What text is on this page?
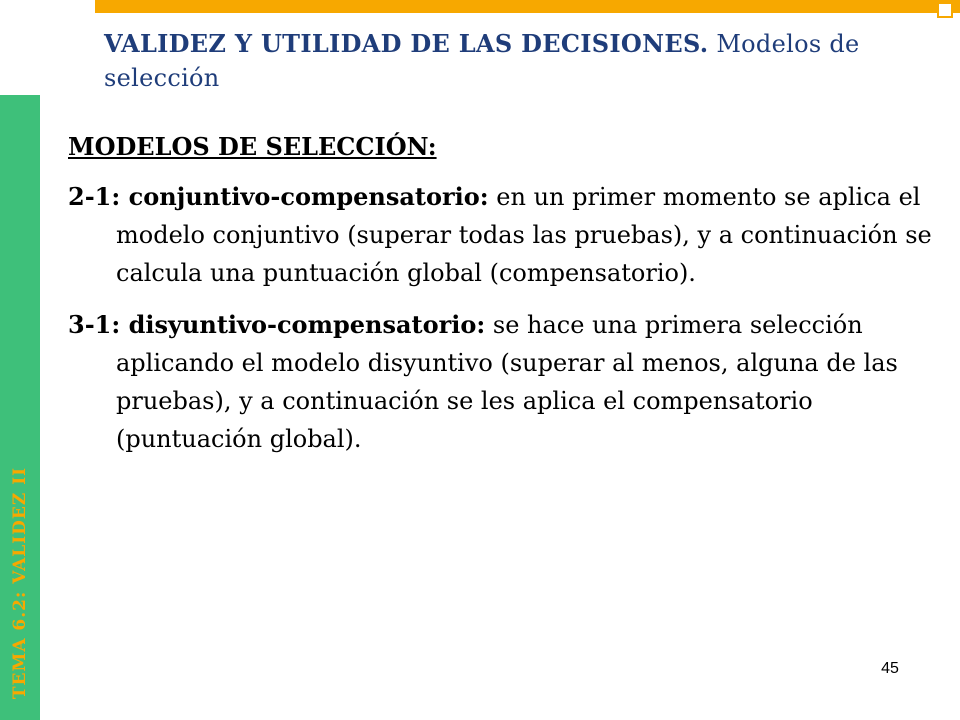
TEMA 6.2: VALIDEZ II
VALIDEZ Y UTILIDAD DE LAS DECISIONES. Modelos de selección
MODELOS DE SELECCIÓN:
2-1: conjuntivo-compensatorio: en un primer momento se aplica el modelo conjuntivo (superar todas las pruebas), y a continuación se calcula una puntuación global (compensatorio).
3-1: disyuntivo-compensatorio: se hace una primera selección aplicando el modelo disyuntivo (superar al menos, alguna de las pruebas), y a continuación se les aplica el compensatorio (puntuación global).
45
